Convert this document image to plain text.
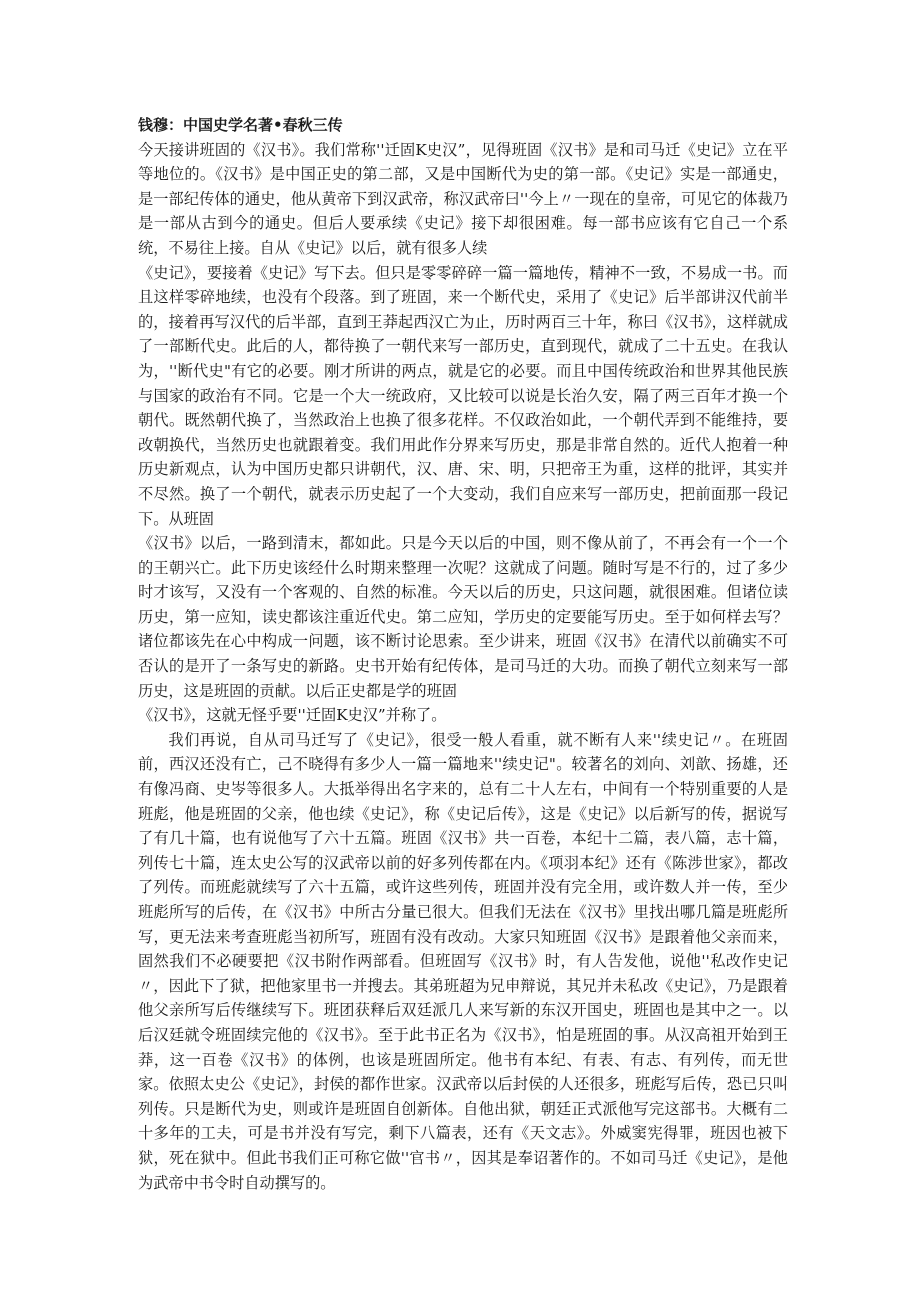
钱穆：中国史学名著•春秋三传

今天接讲班固的《汉书》。我们常称''迁固K史汉”，见得班固《汉书》是和司马迁《史记》立在平等地位的。《汉书》是中国正史的第二部，又是中国断代为史的第一部。《史记》实是一部通史，是一部纪传体的通史，他从黄帝下到汉武帝，称汉武帝曰''今上〃一现在的皇帝，可见它的体裁乃是一部从古到今的通史。但后人要承续《史记》接下却很困难。每一部书应该有它自己一个系统，不易往上接。自从《史记》以后，就有很多人续

《史记》，要接着《史记》写下去。但只是零零碎碎一篇一篇地传，精神不一致，不易成一书。而且这样零碎地续，也没有个段落。到了班固，来一个断代史，采用了《史记》后半部讲汉代前半的，接着再写汉代的后半部，直到王莽起西汉亡为止，历时两百三十年，称曰《汉书》，这样就成了一部断代史。此后的人，都待换了一朝代来写一部历史，直到现代，就成了二十五史。在我认为，''断代史"有它的必要。刚才所讲的两点，就是它的必要。而且中国传统政治和世界其他民族与国家的政治有不同。它是一个大一统政府，又比较可以说是长治久安，隔了两三百年才换一个朝代。既然朝代换了，当然政治上也换了很多花样。不仅政治如此，一个朝代弄到不能维持，要改朝换代，当然历史也就跟着变。我们用此作分界来写历史，那是非常自然的。近代人抱着一种历史新观点，认为中国历史都只讲朝代，汉、唐、宋、明，只把帝王为重，这样的批评，其实并不尽然。换了一个朝代，就表示历史起了一个大变动，我们自应来写一部历史，把前面那一段记下。从班固

《汉书》以后，一路到清末，都如此。只是今天以后的中国，则不像从前了，不再会有一个一个的王朝兴亡。此下历史该经什么时期来整理一次呢？这就成了问题。随时写是不行的，过了多少时才该写，又没有一个客观的、自然的标准。今天以后的历史，只这问题，就很困难。但诸位读历史，第一应知，读史都该注重近代史。第二应知，学历史的定要能写历史。至于如何样去写？诸位都该先在心中构成一问题，该不断讨论思索。至少讲来，班固《汉书》在清代以前确实不可否认的是开了一条写史的新路。史书开始有纪传体，是司马迁的大功。而换了朝代立刻来写一部历史，这是班固的贡献。以后正史都是学的班固

《汉书》，这就无怪乎要''迁固K史汉”并称了。

我们再说，自从司马迁写了《史记》，很受一般人看重，就不断有人来''续史记〃。在班固前，西汉还没有亡，己不晓得有多少人一篇一篇地来''续史记"。较著名的刘向、刘歆、扬雄，还有像冯商、史岑等很多人。大抵举得出名字来的，总有二十人左右，中间有一个特别重要的人是班彪，他是班固的父亲，他也续《史记》，称《史记后传》，这是《史记》以后新写的传，据说写了有几十篇，也有说他写了六十五篇。班固《汉书》共一百卷，本纪十二篇，表八篇，志十篇，列传七十篇，连太史公写的汉武帝以前的好多列传都在内。《项羽本纪》还有《陈涉世家》，都改了列传。而班彪就续写了六十五篇，或许这些列传，班固并没有完全用，或许数人并一传，至少班彪所写的后传，在《汉书》中所古分量已很大。但我们无法在《汉书》里找出哪几篇是班彪所写，更无法来考查班彪当初所写，班固有没有改动。大家只知班固《汉书》是跟着他父亲而来，固然我们不必硬要把《汉书附作两部看。但班固写《汉书》时，有人告发他，说他''私改作史记〃，因此下了狱，把他家里书一并搜去。其弟班超为兄申辩说，其兄并未私改《史记》，乃是跟着他父亲所写后传继续写下。班团获释后双廷派几人来写新的东汉开国史，班固也是其中之一。以后汉廷就令班固续完他的《汉书》。至于此书正名为《汉书》，怕是班固的事。从汉高祖开始到王莽，这一百卷《汉书》的体例，也该是班固所定。他书有本纪、有表、有志、有列传，而无世家。依照太史公《史记》，封侯的都作世家。汉武帝以后封侯的人还很多，班彪写后传，恐已只叫列传。只是断代为史，则或许是班固自创新体。自他出狱，朝廷正式派他写完这部书。大概有二十多年的工夫，可是书并没有写完，剩下八篇表，还有《天文志》。外威窦宪得罪，班因也被下狱，死在狱中。但此书我们正可称它做''官书〃，因其是奉诏著作的。不如司马迁《史记》，是他为武帝中书令时自动撰写的。
